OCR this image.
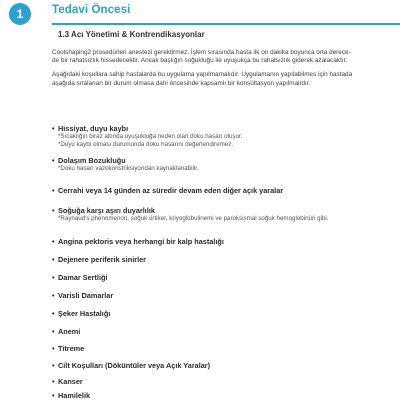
1 Tedavi Öncesi
1.3 Acı Yönetimi & Kontrendikasyonlar

Coolshaping2 prosedürleri anestezi gerektirmez. İşlem sırasında hasta ilk on dakika boyunca orta derece-
de bir rahatsızlık hissedecektir. Ancak başlığın soğukluğu ile uyuşukça bu rahatsızlık giderek azalacaktır.

Aşağıdaki koşullara sahip hastalarda bu uygulama yapılmamalıdır. Uygulamanın yapılabilmes için hastada
aşağıda sıralanan bir durum olmasa dahi öncesinde kapsamlı bir konsültasyon yapılmalıdır.

• Hissiyat, duyu kaybı
*Sıcaklığın biraz altında uyuşukluğa neden olan doku hasarı oluşur.
*Duyu kaybı olması durumunda doku hasarını değerlendiremez.
• Dolaşım Bozukluğu
*Doku hasarı vazokonstriksiyondan kaynaklanabilir.
• Cerrahi veya 14 günden az süredir devam eden diğer açık yaralar
• Soğuğa karşı aşırı duyarlılık
*Raynaud's phenomenon, soğuk ürtiker, kriyoglobulinemi ve paroksismal soğuk hemoglobinüri gibi.
• Angina pektoris veya herhangi bir kalp hastalığı
• Dejenere periferik sinirler
• Damar Sertliği
• Varisli Damarlar
• Şeker Hastalığı
• Anemi
• Titreme
• Cilt Koşulları (Döküntüler veya Açık Yaralar)
• Kanser
• Hamilelik
